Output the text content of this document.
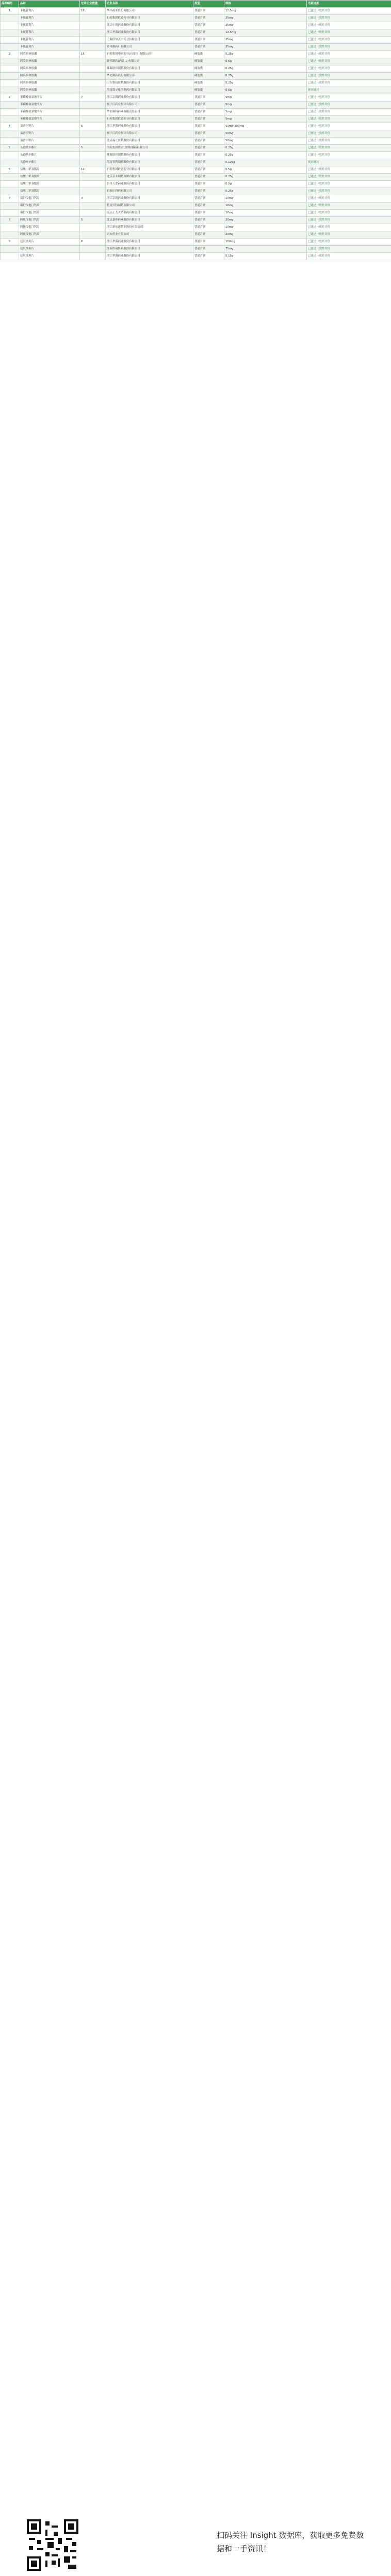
品种编号	品种	过评企业数量	企业名称	剂型	规格	当前进度
1	卡托普利片	16	华中药业股份有限公司	普通片剂	12.5mg	已通过一致性评价
	卡托普利片		石药集团欧意药业有限公司	普通片剂	25mg	已通过一致性评价
	卡托普利片		北京中新药业股份有限公司	普通片剂	25mg	已通过一致性评价
	卡托普利片		浙江华海药业股份有限公司	普通片剂	12.5mg	已通过一致性评价
	卡托普利片		上海信谊天平药业有限公司	普通片剂	25mg	已通过一致性评价
	卡托普利片		常州制药厂有限公司	普通片剂	25mg	已通过一致性评价
2	阿莫西林胶囊	16	石药集团中诺药业(石家庄)有限公司	硬胶囊	0.25g	已通过一致性评价
	阿莫西林胶囊		联邦制药(内蒙古)有限公司	硬胶囊	0.5g	已通过一致性评价
	阿莫西林胶囊		珠海联邦制药股份有限公司	硬胶囊	0.25g	已通过一致性评价
	阿莫西林胶囊		华北制药股份有限公司	硬胶囊	0.25g	已通过一致性评价
	阿莫西林胶囊		山东鲁抗医药股份有限公司	硬胶囊	0.25g	已通过一致性评价
	阿莫西林胶囊		海南海灵化学制药有限公司	硬胶囊	0.5g	视同通过
3	苯磺酸氨氯地平片	7	浙江京新药业股份有限公司	普通片剂	5mg	已通过一致性评价
	苯磺酸氨氯地平片		扬子江药业集团有限公司	普通片剂	5mg	已通过一致性评价
	苯磺酸氨氯地平片		华润赛科药业有限责任公司	普通片剂	5mg	已通过一致性评价
	苯磺酸氨氯地平片		石药集团欧意药业有限公司	普通片剂	5mg	已通过一致性评价
4	氯沙坦钾片	6	浙江华海药业股份有限公司	普通片剂	50mg;100mg	已通过一致性评价
	氯沙坦钾片		扬子江药业集团有限公司	普通片剂	50mg	已通过一致性评价
	氯沙坦钾片		北京福元医药股份有限公司	普通片剂	50mg	已通过一致性评价
5	头孢呋辛酯片	5	国药集团致君(深圳)制药有限公司	普通片剂	0.25g	已通过一致性评价
	头孢呋辛酯片		珠海联邦制药股份有限公司	普通片剂	0.25g	已通过一致性评价
	头孢呋辛酯片		海南普利制药股份有限公司	普通片剂	0.125g	视同通过
6	盐酸二甲双胍片	11	石药集团欧意药业有限公司	普通片剂	0.5g	已通过一致性评价
	盐酸二甲双胍片		北京京丰制药集团有限公司	普通片剂	0.25g	已通过一致性评价
	盐酸二甲双胍片		贵州天安药业股份有限公司	普通片剂	0.5g	已通过一致性评价
	盐酸二甲双胍片		石家庄四药有限公司	普通片剂	0.25g	已通过一致性评价
7	瑞舒伐他汀钙片	4	浙江京新药业股份有限公司	普通片剂	10mg	已通过一致性评价
	瑞舒伐他汀钙片		鲁南贝特制药有限公司	普通片剂	10mg	已通过一致性评价
	瑞舒伐他汀钙片		南京正大天晴制药有限公司	普通片剂	10mg	已通过一致性评价
8	阿托伐他汀钙片	5	北京嘉林药业股份有限公司	普通片剂	20mg	已通过一致性评价
	阿托伐他汀钙片		浙江新东港药业股份有限公司	普通片剂	10mg	已通过一致性评价
	阿托伐他汀钙片		兴安药业有限公司	普通片剂	20mg	已通过一致性评价
9	厄贝沙坦片	6	浙江华海药业股份有限公司	普通片剂	150mg	已通过一致性评价
	厄贝沙坦片		江苏恒瑞医药股份有限公司	普通片剂	75mg	已通过一致性评价
	厄贝沙坦片		浙江华海药业股份有限公司	普通片剂	0.15g	已通过一致性评价
扫码关注 Insight 数据库，获取更多免费数
据和一手资讯！
